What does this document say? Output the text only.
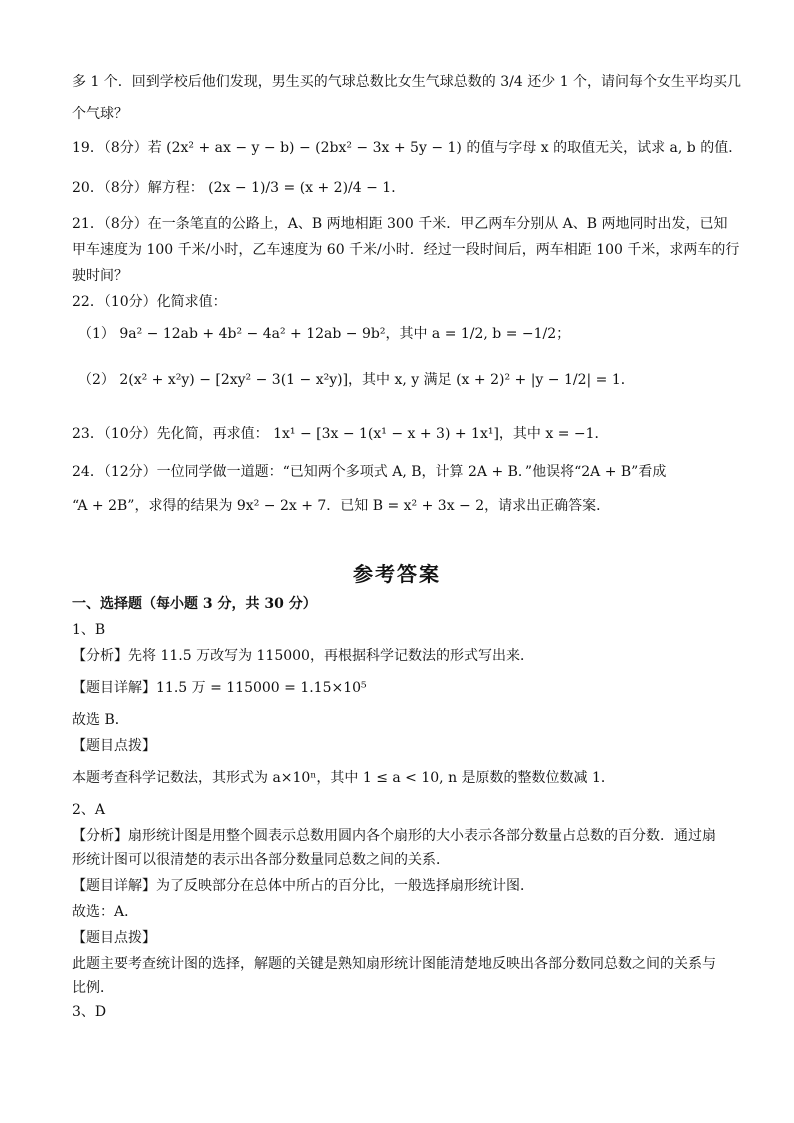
多 1 个．回到学校后他们发现，男生买的气球总数比女生气球总数的 3/4 还少 1 个，请问每个女生平均买几
个气球？
19．（8分）若 (2x² + ax − y − b) − (2bx² − 3x + 5y − 1) 的值与字母 x 的取值无关，试求 a, b 的值．
20．（8分）解方程： (2x − 1)/3 = (x + 2)/4 − 1．
21．（8分）在一条笔直的公路上，A、B 两地相距 300 千米．甲乙两车分别从 A、B 两地同时出发，已知
甲车速度为 100 千米/小时，乙车速度为 60 千米/小时．经过一段时间后，两车相距 100 千米，求两车的行
驶时间？
22．（10分）化简求值：
（1） 9a² − 12ab + 4b² − 4a² + 12ab − 9b²，其中 a = 1/2, b = −1/2；
（2） 2(x² + x²y) − [2xy² − 3(1 − x²y)]，其中 x, y 满足 (x + 2)² + |y − 1/2| = 1．
23．（10分）先化简，再求值： 1x¹ − [3x − 1(x¹ − x + 3) + 1x¹]，其中 x = −1．
24．（12分）一位同学做一道题：“已知两个多项式 A, B，计算 2A + B．”他误将“2A + B”看成
“A + 2B”，求得的结果为 9x² − 2x + 7．已知 B = x² + 3x − 2，请求出正确答案．
参考答案
一、选择题（每小题 3 分，共 30 分）
1、B
【分析】先将 11.5 万改写为 115000，再根据科学记数法的形式写出来．
【题目详解】11.5 万 = 115000 = 1.15×10⁵
故选 B．
【题目点拨】
本题考查科学记数法，其形式为 a×10ⁿ，其中 1 ≤ a < 10, n 是原数的整数位数减 1．
2、A
【分析】扇形统计图是用整个圆表示总数用圆内各个扇形的大小表示各部分数量占总数的百分数．通过扇
形统计图可以很清楚的表示出各部分数量同总数之间的关系．
【题目详解】为了反映部分在总体中所占的百分比，一般选择扇形统计图．
故选：A．
【题目点拨】
此题主要考查统计图的选择，解题的关键是熟知扇形统计图能清楚地反映出各部分数同总数之间的关系与
比例．
3、D
